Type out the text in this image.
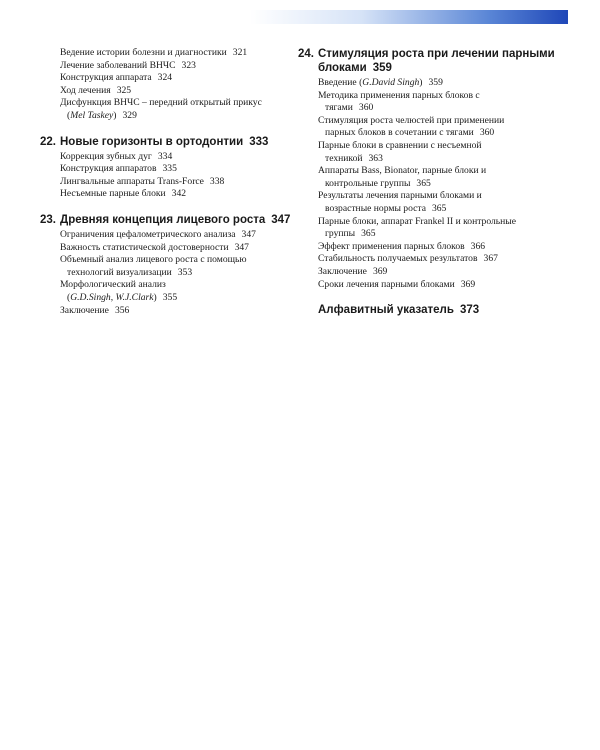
Ведение истории болезни и диагностики 321
Лечение заболеваний ВНЧС 323
Конструкция аппарата 324
Ход лечения 325
Дисфункция ВНЧС – передний открытый прикус
(Mel Taskey) 329
22. Новые горизонты в ортодонтии 333
Коррекция зубных дуг 334
Конструкция аппаратов 335
Лингвальные аппараты Trans-Force 338
Несъемные парные блоки 342
23. Древняя концепция лицевого роста 347
Ограничения цефалометрического анализа 347
Важность статистической достоверности 347
Объемный анализ лицевого роста с помощью
технологий визуализации 353
Морфологический анализ
(G.D.Singh, W.J.Clark) 355
Заключение 356
24. Стимуляция роста при лечении парными
блоками 359
Введение (G.David Singh) 359
Методика применения парных блоков с
тягами 360
Стимуляция роста челюстей при применении
парных блоков в сочетании с тягами 360
Парные блоки в сравнении с несъемной
техникой 363
Аппараты Bass, Bionator, парные блоки и
контрольные группы 365
Результаты лечения парными блоками и
возрастные нормы роста 365
Парные блоки, аппарат Frankel II и контрольные
группы 365
Эффект применения парных блоков 366
Стабильность получаемых результатов 367
Заключение 369
Сроки лечения парными блоками 369
Алфавитный указатель 373
